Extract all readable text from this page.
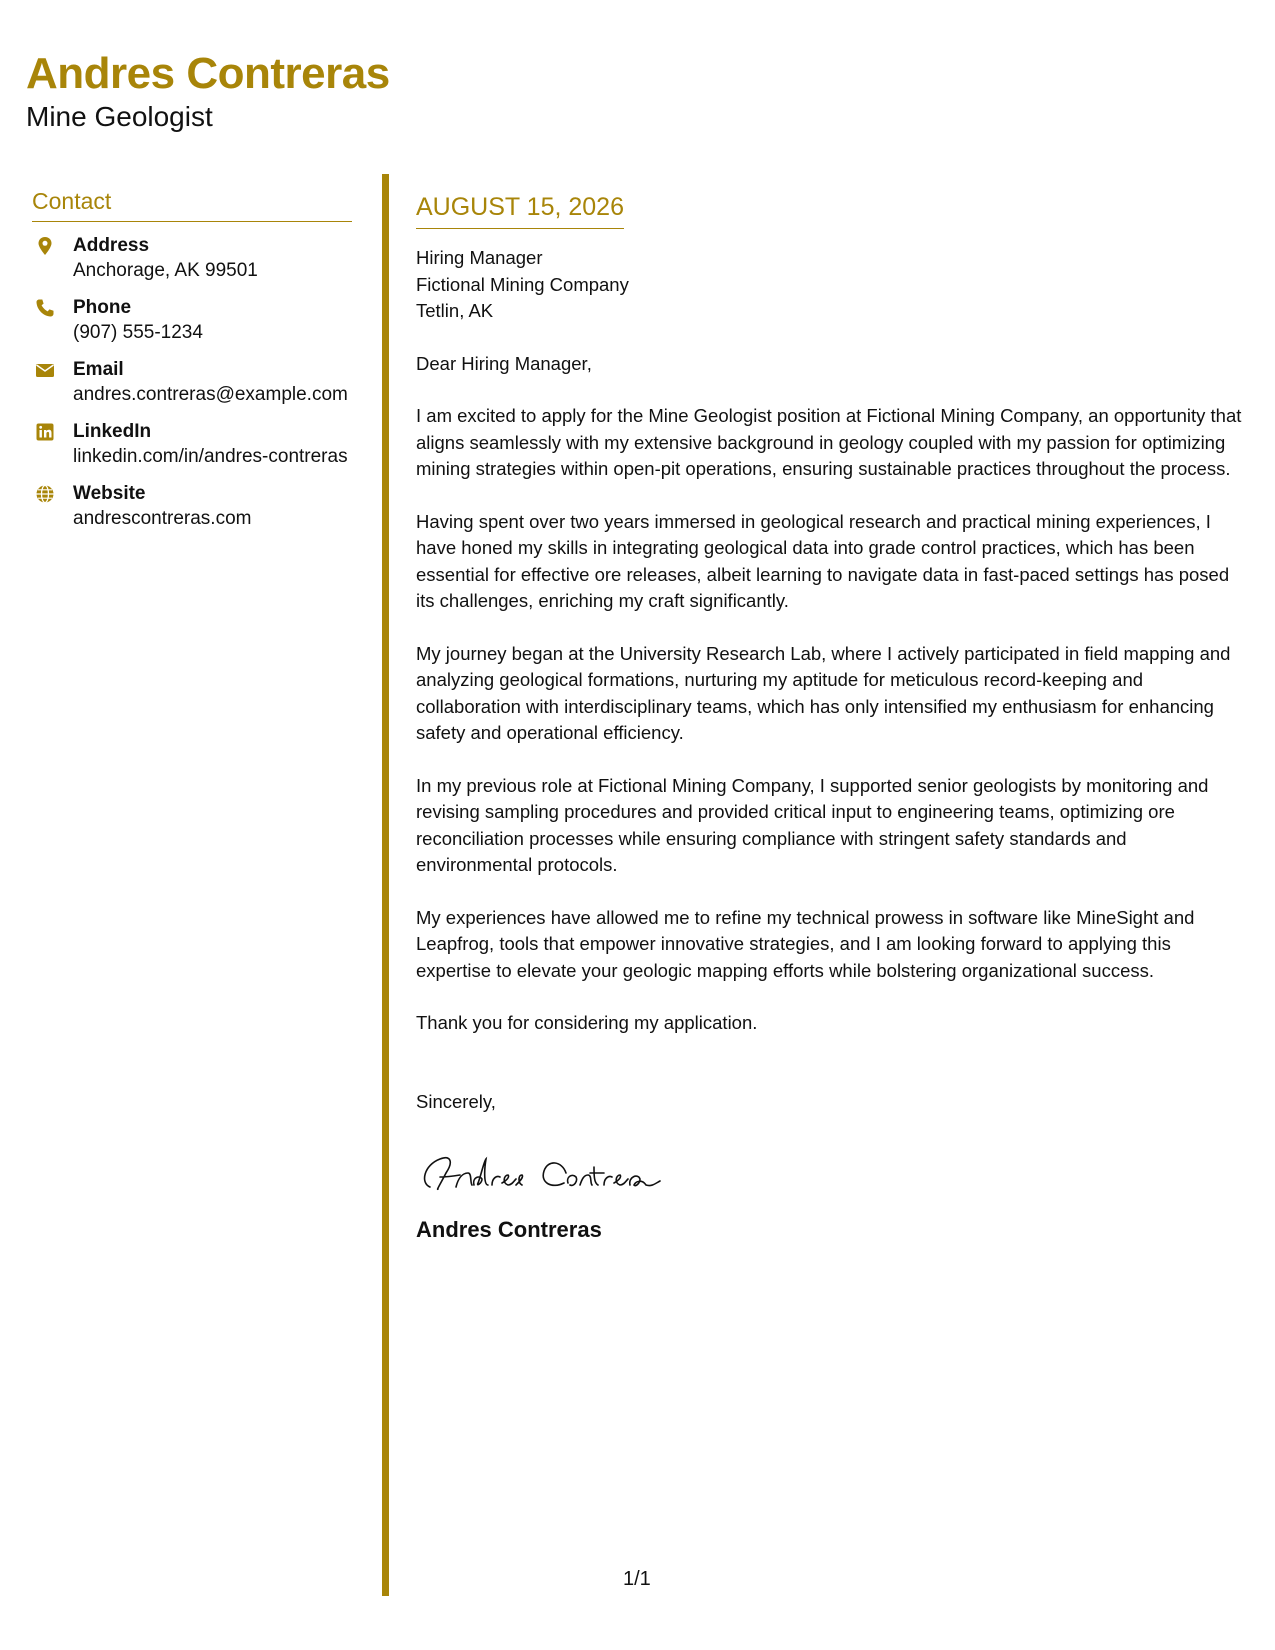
Andres Contreras
Mine Geologist
Contact
Address
Anchorage, AK 99501
Phone
(907) 555-1234
Email
andres.contreras@example.com
LinkedIn
linkedin.com/in/andres-contreras
Website
andrescontreras.com
AUGUST 15, 2026
Hiring Manager
Fictional Mining Company
Tetlin, AK
Dear Hiring Manager,
I am excited to apply for the Mine Geologist position at Fictional Mining Company, an opportunity that aligns seamlessly with my extensive background in geology coupled with my passion for optimizing mining strategies within open-pit operations, ensuring sustainable practices throughout the process.
Having spent over two years immersed in geological research and practical mining experiences, I have honed my skills in integrating geological data into grade control practices, which has been essential for effective ore releases, albeit learning to navigate data in fast-paced settings has posed its challenges, enriching my craft significantly.
My journey began at the University Research Lab, where I actively participated in field mapping and analyzing geological formations, nurturing my aptitude for meticulous record-keeping and collaboration with interdisciplinary teams, which has only intensified my enthusiasm for enhancing safety and operational efficiency.
In my previous role at Fictional Mining Company, I supported senior geologists by monitoring and revising sampling procedures and provided critical input to engineering teams, optimizing ore reconciliation processes while ensuring compliance with stringent safety standards and environmental protocols.
My experiences have allowed me to refine my technical prowess in software like MineSight and Leapfrog, tools that empower innovative strategies, and I am looking forward to applying this expertise to elevate your geologic mapping efforts while bolstering organizational success.
Thank you for considering my application.
Sincerely,
Andres Contreras
1/1
